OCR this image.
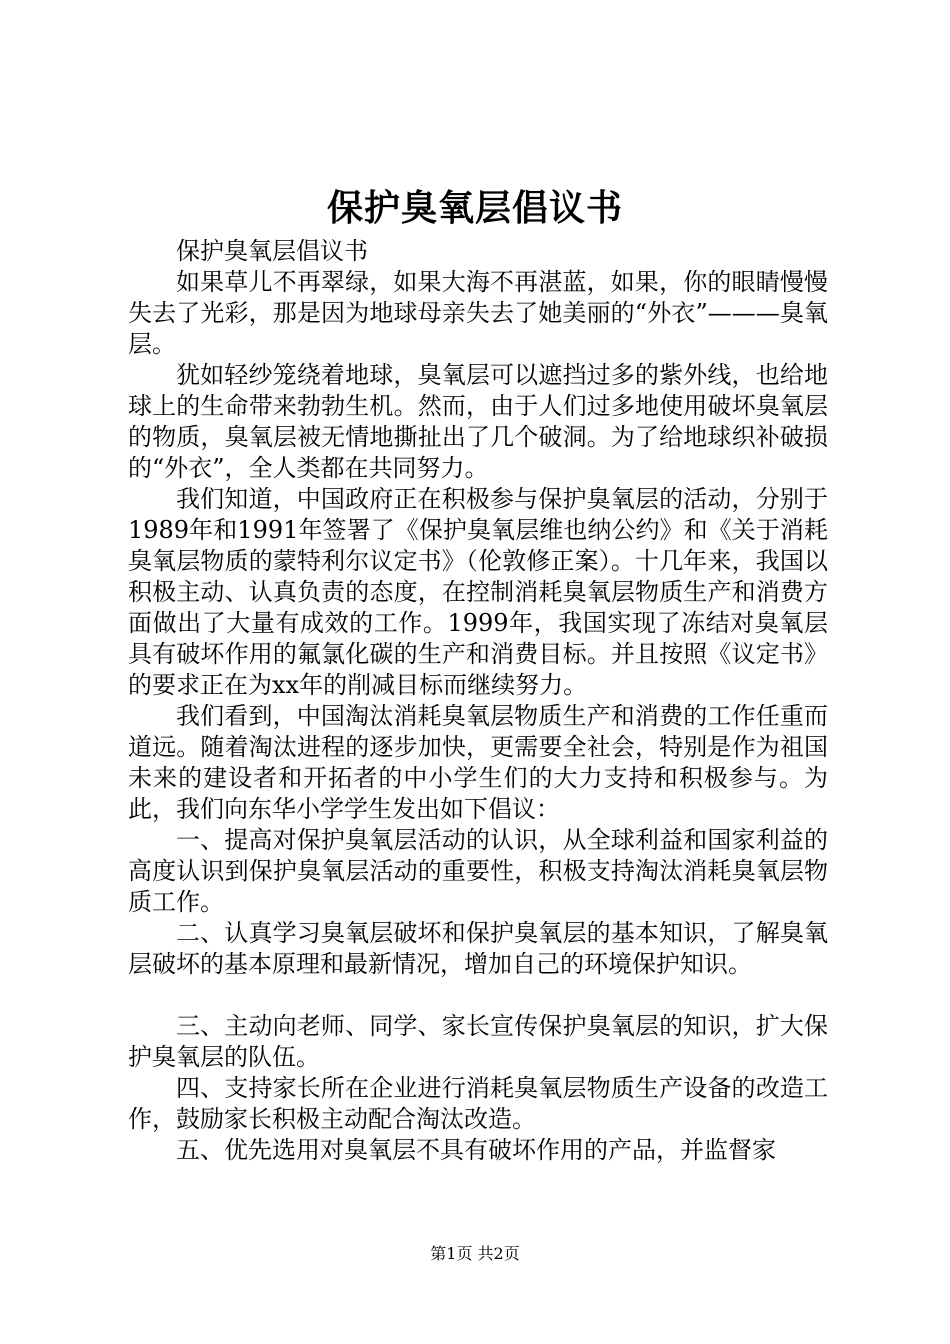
保护臭氧层倡议书

保护臭氧层倡议书

如果草儿不再翠绿，如果大海不再湛蓝，如果，你的眼睛慢慢失去了光彩，那是因为地球母亲失去了她美丽的“外衣”———臭氧层。

犹如轻纱笼绕着地球，臭氧层可以遮挡过多的紫外线，也给地球上的生命带来勃勃生机。然而，由于人们过多地使用破坏臭氧层的物质，臭氧层被无情地撕扯出了几个破洞。为了给地球织补破损的“外衣”，全人类都在共同努力。

我们知道，中国政府正在积极参与保护臭氧层的活动，分别于1989年和1991年签署了《保护臭氧层维也纳公约》和《关于消耗臭氧层物质的蒙特利尔议定书》（伦敦修正案）。十几年来，我国以积极主动、认真负责的态度，在控制消耗臭氧层物质生产和消费方面做出了大量有成效的工作。1999年，我国实现了冻结对臭氧层具有破坏作用的氟氯化碳的生产和消费目标。并且按照《议定书》的要求正在为xx年的削减目标而继续努力。

我们看到，中国淘汰消耗臭氧层物质生产和消费的工作任重而道远。随着淘汰进程的逐步加快，更需要全社会，特别是作为祖国未来的建设者和开拓者的中小学生们的大力支持和积极参与。为此，我们向东华小学学生发出如下倡议：

一、提高对保护臭氧层活动的认识，从全球利益和国家利益的高度认识到保护臭氧层活动的重要性，积极支持淘汰消耗臭氧层物质工作。

二、认真学习臭氧层破坏和保护臭氧层的基本知识，了解臭氧层破坏的基本原理和最新情况，增加自己的环境保护知识。

三、主动向老师、同学、家长宣传保护臭氧层的知识，扩大保护臭氧层的队伍。

四、支持家长所在企业进行消耗臭氧层物质生产设备的改造工作，鼓励家长积极主动配合淘汰改造。

五、优先选用对臭氧层不具有破坏作用的产品，并监督家

第1页 共2页
